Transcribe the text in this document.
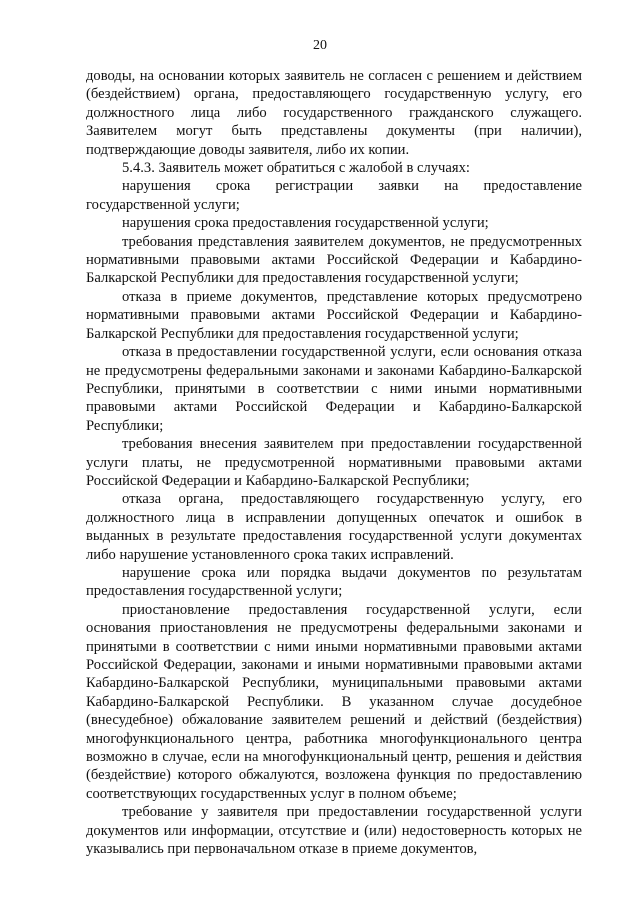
20

доводы, на основании которых заявитель не согласен с решением и действием (бездействием) органа, предоставляющего государственную услугу, его должностного лица либо государственного гражданского служащего. Заявителем могут быть представлены документы (при наличии), подтверждающие доводы заявителя, либо их копии.

5.4.3. Заявитель может обратиться с жалобой в случаях:

нарушения срока регистрации заявки на предоставление государственной услуги;

нарушения срока предоставления государственной услуги;

требования представления заявителем документов, не предусмотренных нормативными правовыми актами Российской Федерации и Кабардино-Балкарской Республики для предоставления государственной услуги;

отказа в приеме документов, представление которых предусмотрено нормативными правовыми актами Российской Федерации и Кабардино-Балкарской Республики для предоставления государственной услуги;

отказа в предоставлении государственной услуги, если основания отказа не предусмотрены федеральными законами и законами Кабардино-Балкарской Республики, принятыми в соответствии с ними иными нормативными правовыми актами Российской Федерации и Кабардино-Балкарской Республики;

требования внесения заявителем при предоставлении государственной услуги платы, не предусмотренной нормативными правовыми актами Российской Федерации и Кабардино-Балкарской Республики;

отказа органа, предоставляющего государственную услугу, его должностного лица в исправлении допущенных опечаток и ошибок в выданных в результате предоставления государственной услуги документах либо нарушение установленного срока таких исправлений.

нарушение срока или порядка выдачи документов по результатам предоставления государственной услуги;

приостановление предоставления государственной услуги, если основания приостановления не предусмотрены федеральными законами и принятыми в соответствии с ними иными нормативными правовыми актами Российской Федерации, законами и иными нормативными правовыми актами Кабардино-Балкарской Республики, муниципальными правовыми актами Кабардино-Балкарской Республики. В указанном случае досудебное (внесудебное) обжалование заявителем решений и действий (бездействия) многофункционального центра, работника многофункционального центра возможно в случае, если на многофункциональный центр, решения и действия (бездействие) которого обжалуются, возложена функция по предоставлению соответствующих государственных услуг в полном объеме;

требование у заявителя при предоставлении государственной услуги документов или информации, отсутствие и (или) недостоверность которых не указывались при первоначальном отказе в приеме документов,
